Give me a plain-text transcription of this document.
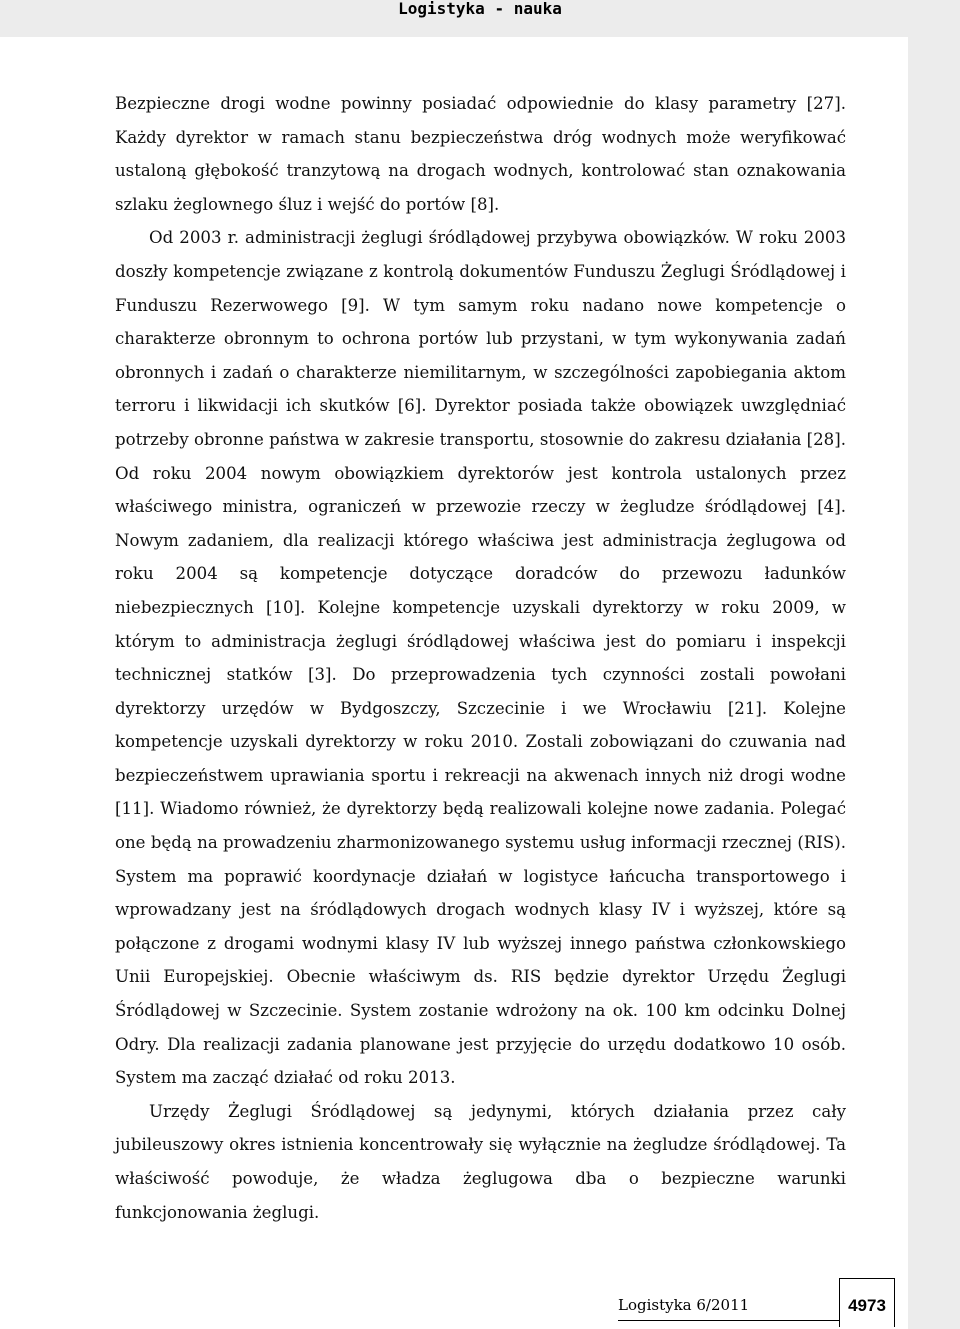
Logistyka - nauka

Bezpieczne drogi wodne powinny posiadać odpowiednie do klasy parametry [27]. Każdy dyrektor w ramach stanu bezpieczeństwa dróg wodnych może weryfikować ustaloną głębokość tranzytową na drogach wodnych, kontrolować stan oznakowania szlaku żeglownego śluz i wejść do portów [8].

Od 2003 r. administracji żeglugi śródlądowej przybywa obowiązków. W roku 2003 doszły kompetencje związane z kontrolą dokumentów Funduszu Żeglugi Śródlądowej i Funduszu Rezerwowego [9]. W tym samym roku nadano nowe kompetencje o charakterze obronnym to ochrona portów lub przystani, w tym wykonywania zadań obronnych i zadań o charakterze niemilitarnym, w szczególności zapobiegania aktom terroru i likwidacji ich skutków [6]. Dyrektor posiada także obowiązek uwzględniać potrzeby obronne państwa w zakresie transportu, stosownie do zakresu działania [28]. Od roku 2004 nowym obowiązkiem dyrektorów jest kontrola ustalonych przez właściwego ministra, ograniczeń w przewozie rzeczy w żegludze śródlądowej [4]. Nowym zadaniem, dla realizacji którego właściwa jest administracja żeglugowa od roku 2004 są kompetencje dotyczące doradców do przewozu ładunków niebezpiecznych [10]. Kolejne kompetencje uzyskali dyrektorzy w roku 2009, w którym to administracja żeglugi śródlądowej właściwa jest do pomiaru i inspekcji technicznej statków [3]. Do przeprowadzenia tych czynności zostali powołani dyrektorzy urzędów w Bydgoszczy, Szczecinie i we Wrocławiu [21]. Kolejne kompetencje uzyskali dyrektorzy w roku 2010. Zostali zobowiązani do czuwania nad bezpieczeństwem uprawiania sportu i rekreacji na akwenach innych niż drogi wodne [11]. Wiadomo również, że dyrektorzy będą realizowali kolejne nowe zadania. Polegać one będą na prowadzeniu zharmonizowanego systemu usług informacji rzecznej (RIS). System ma poprawić koordynacje działań w logistyce łańcucha transportowego i wprowadzany jest na śródlądowych drogach wodnych klasy IV i wyższej, które są połączone z drogami wodnymi klasy IV lub wyższej innego państwa członkowskiego Unii Europejskiej. Obecnie właściwym ds. RIS będzie dyrektor Urzędu Żeglugi Śródlądowej w Szczecinie. System zostanie wdrożony na ok. 100 km odcinku Dolnej Odry. Dla realizacji zadania planowane jest przyjęcie do urzędu dodatkowo 10 osób. System ma zacząć działać od roku 2013.

Urzędy Żeglugi Śródlądowej są jedynymi, których działania przez cały jubileuszowy okres istnienia koncentrowały się wyłącznie na żegludze śródlądowej. Ta właściwość powoduje, że władza żeglugowa dba o bezpieczne warunki funkcjonowania żeglugi.

Logistyka 6/2011	4973
